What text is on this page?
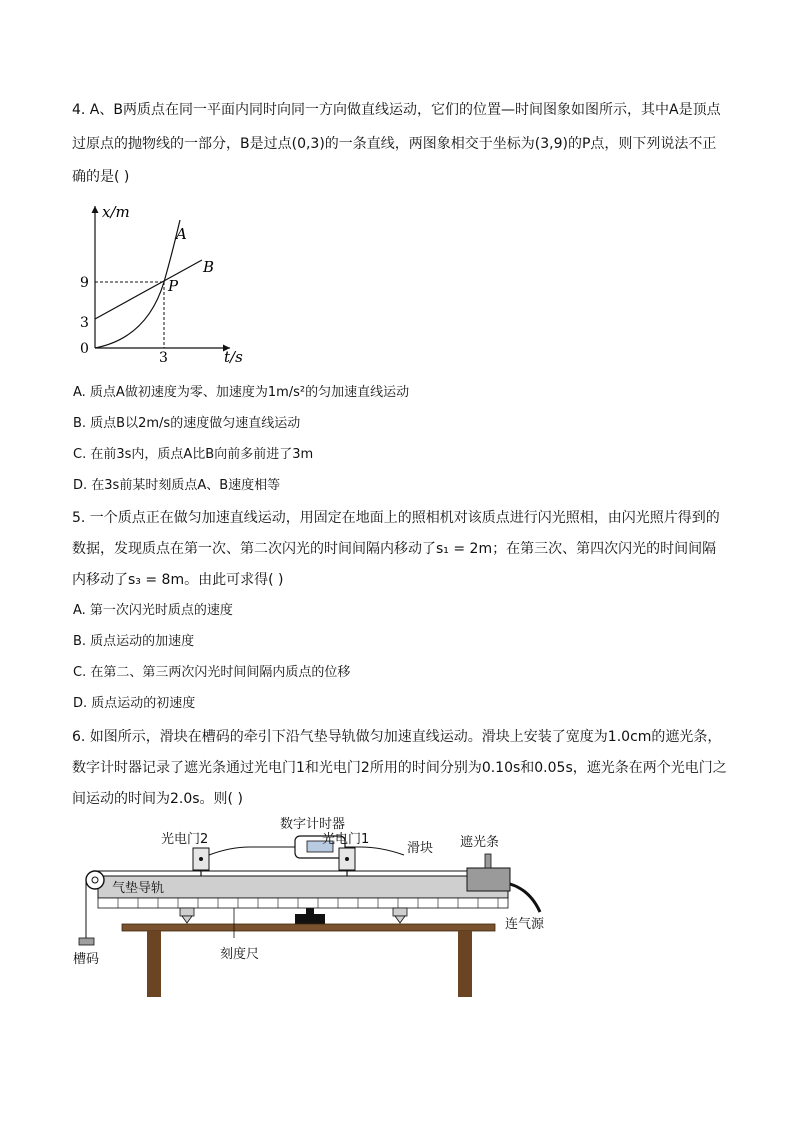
4. A、B两质点在同一平面内同时向同一方向做直线运动，它们的位置—时间图象如图所示，其中A是顶点
过原点的抛物线的一部分，B是过点(0,3)的一条直线，两图象相交于坐标为(3,9)的P点，则下列说法不正
确的是( )
x/m
t/s
0
3
9
3
A
B
P
A. 质点A做初速度为零、加速度为1m/s²的匀加速直线运动
B. 质点B以2m/s的速度做匀速直线运动
C. 在前3s内，质点A比B向前多前进了3m
D. 在3s前某时刻质点A、B速度相等
5. 一个质点正在做匀加速直线运动，用固定在地面上的照相机对该质点进行闪光照相，由闪光照片得到的
数据，发现质点在第一次、第二次闪光的时间间隔内移动了s₁ = 2m；在第三次、第四次闪光的时间间隔
内移动了s₃ = 8m。由此可求得( )
A. 第一次闪光时质点的速度
B. 质点运动的加速度
C. 在第二、第三两次闪光时间间隔内质点的位移
D. 质点运动的初速度
6. 如图所示，滑块在槽码的牵引下沿气垫导轨做匀加速直线运动。滑块上安装了宽度为1.0cm的遮光条，
数字计时器记录了遮光条通过光电门1和光电门2所用的时间分别为0.10s和0.05s，遮光条在两个光电门之
间运动的时间为2.0s。则( )
数字计时器
光电门2	光电门1
滑块 遮光条
气垫导轨
连气源
刻度尺
槽码
